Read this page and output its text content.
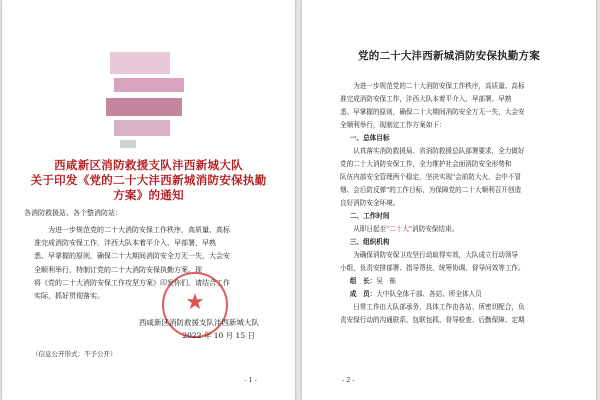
西咸新区消防救援支队沣西新城大队
关于印发《党的二十大沣西新城消防安保执勤
方案》的通知
各消防救援站、各个整消防站：
为进一步规范党的二十大消防安保工作秩序，高质量、高标
准完成消防安保工作，沣西大队本着平介入、早部署、早熟
悉、早掌握的原则，确保二十大期间消防安全万无一失，大会安
全顺利举行，特制订党的二十大消防安保执勤方案。现
将《党的二十大消防安保工作攻坚方案》印发你们，请结合工作
实际，抓好贯彻落实。	★
西咸新区消防救援支队沣西新城大队
2022 年 10 月 15 日
（信息公开形式：不予公开）
- 1 -
党的二十大沣西新城消防安保执勤方案

为进一步规范党的二十大消防安保工作秩序，高质量、高标

准完成消防安保工作，沣西大队本着平介入、早部署、早熟

悉、早掌握的原则，确保二十大期间消防安全万无一失，大会安

全顺利举行，现制定工作方案如下：

一、总体目标

认真落实消防救援局、省消防救援总队部署要求，全力做好

党的二十大消防安保工作，全力维护社会面消防安全形势和

队伍内部安全管理两个稳定，坚决实现"会前防大火、会中不冒

烟、会后防反弹"的工作目标，为保障党的二十大顺利召开创造

良好消防安全环境。

二、工作时间

从即日起至"二十大"消防安保结束。

三、组织机构

为确保消防安保卫攻坚行动取得实效，大队成立行动领导

小组，负责安排部署、指导帮扶、统筹协调、督导问效等工作。

组　长：吴　栋

成　员：大中队全体干部、各站、所全体人员

日常工作由大队部承务，具体工作由各站、所密切配合，负

责安保行动的沟通联系、包联包抓、督导检查、后勤保障、定期

- 2 -
